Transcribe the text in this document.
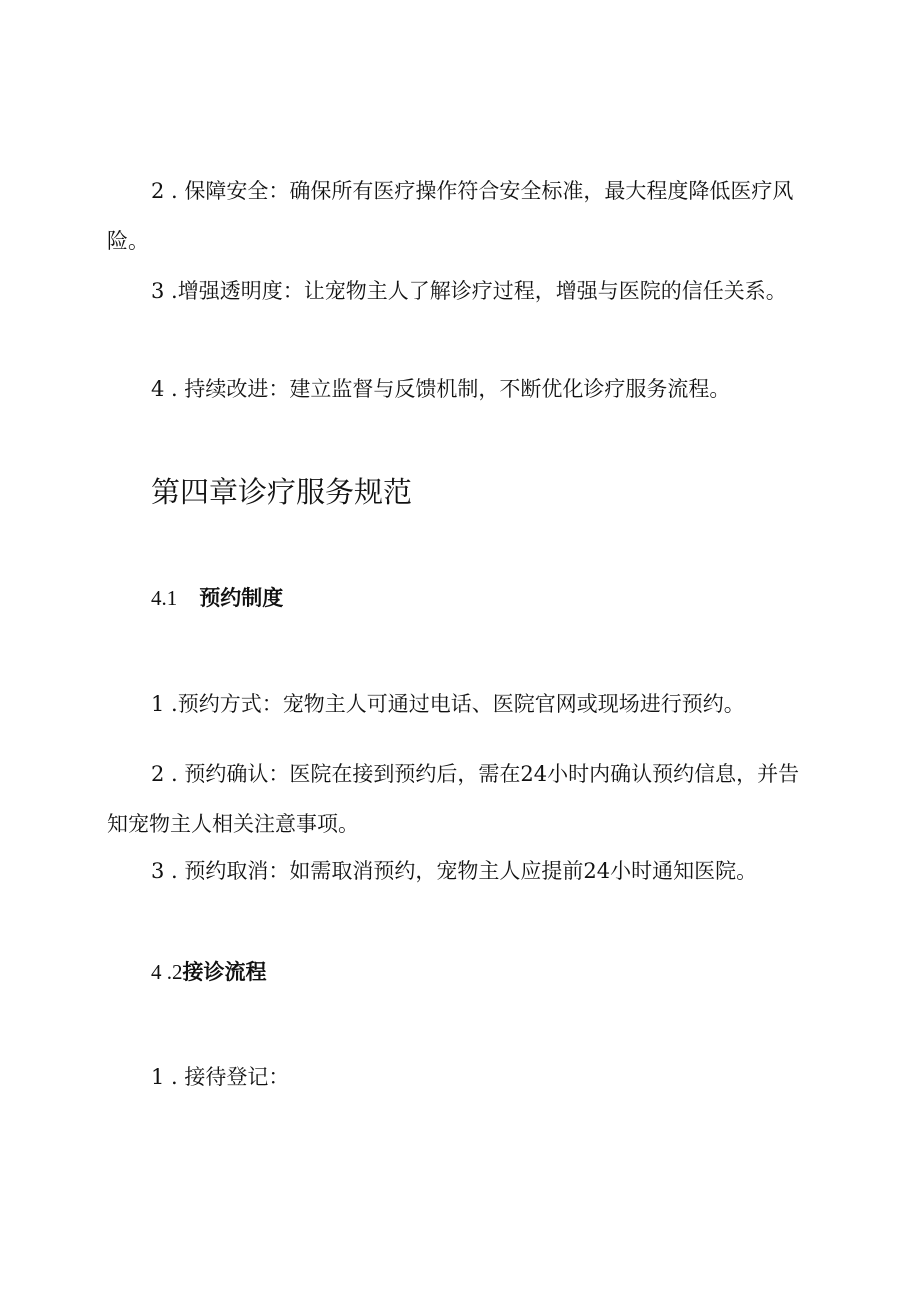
2 . 保障安全：确保所有医疗操作符合安全标准，最大程度降低医疗风险。

3 .增强透明度：让宠物主人了解诊疗过程，增强与医院的信任关系。

4 . 持续改进：建立监督与反馈机制，不断优化诊疗服务流程。

第四章诊疗服务规范
4.1 预约制度

1 .预约方式：宠物主人可通过电话、医院官网或现场进行预约。

2 . 预约确认：医院在接到预约后，需在24小时内确认预约信息，并告知宠物主人相关注意事项。

3 . 预约取消：如需取消预约，宠物主人应提前24小时通知医院。

4 .2接诊流程

1 . 接待登记：
